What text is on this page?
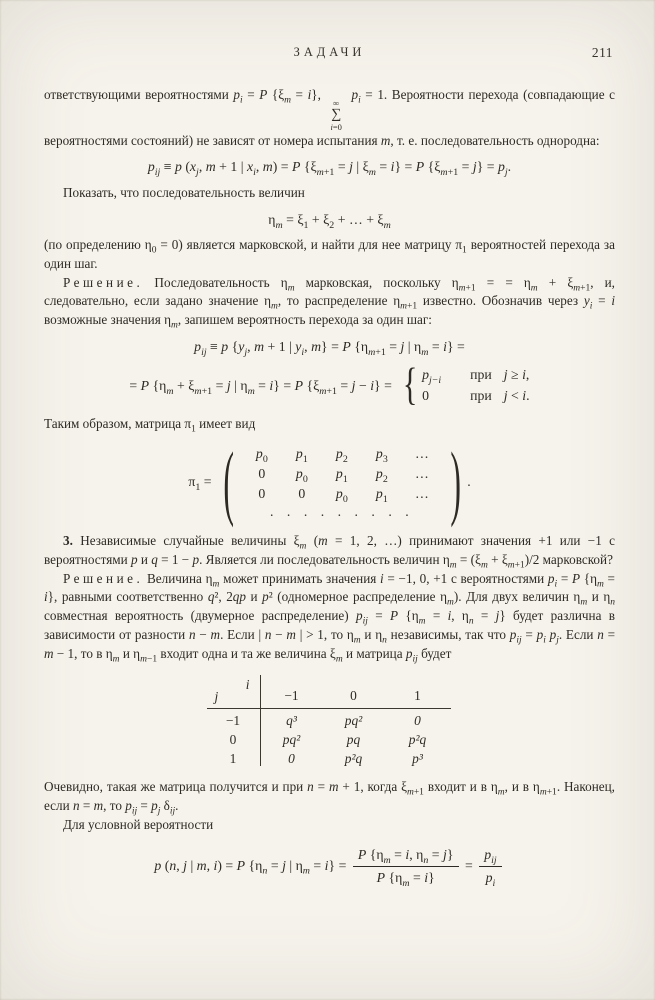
ЗАДАЧИ	211

ответствующими вероятностями $p_i = P$ $\{\xi_m = i\}$,
∞
∑
i=0
$p_i = 1$. Вероятности перехода (совпадающие с вероятностями состояний) не зависят от номера испытания m, т. е. последовательность однородна:

$p_{ij} \equiv p$ ($x_j$, m + 1 | $x_i$, m) = P {$\xi_{m+1} = j$ | $\xi_m = i\} = P$ $\{\xi_{m+1} = j\} = p_j$.

Показать, что последовательность величин

$\eta_m = \xi_1 + \xi_2$ + … + $\xi_m$

(по определению $\eta_0 = 0$) является марковской, и найти для нее матрицу $\pi_1$ вероятностей перехода за один шаг.

Решение. Последовательность $\eta_m$ марковская, поскольку $\eta_{m+1}$ = = $\eta_m + \xi_{m+1}$, и, следовательно, если задано значение $\eta_m$, то распределение $\eta_{m+1}$ известно. Обозначив через $y_i = i$ возможные значения $\eta_m$, запишем вероятность перехода за один шаг:

$p_{ij} \equiv p$ {$y_j$, m + 1 | $y_i$, m} = P {$\eta_{m+1} = j$ | $\eta_m = i$} =
= P {$\eta_m + \xi_{m+1} = j$ | $\eta_m = i\} = P$ $\{\xi_{m+1} = j - i\}$ = { $p_{j-i}$	при j ≥ i,
0	при j < i.

Таким образом, матрица $\pi_1$ имеет вид

$\pi_1$ = (	$p_0$	$p_1$	$p_2$	$p_3$	…
0	$p_0$	$p_1$	$p_2$	…
0	0	$p_0$	$p_1$	…
. . . . . . . . . ) .

3. Независимые случайные величины $\xi_m$ (m = 1, 2, …) принимают значения +1 или −1 с вероятностями p и q = 1 − p. Является ли последовательность величин $\eta_m = (\xi_m + \xi_{m+1})/2$ марковской?

Решение. Величина $\eta_m$ может принимать значения i = −1, 0, +1 с вероятностями $p_i = P$ $\{\eta_m = i\}$, равными соответственно q², 2qp и p² (одномерное распределение $\eta_m$). Для двух величин $\eta_m$ и $\eta_n$ совместная вероятность (двумерное распределение) $p_{ij} = P$ {$\eta_m = i$, $\eta_n = j$} будет различна в зависимости от разности n − m. Если | n − m | > 1, то $\eta_m$ и $\eta_n$ независимы, так что $p_{ij} = p_i$ $p_j$. Если n = m − 1, то в $\eta_m$ и $\eta_{m-1}$ входит одна и та же величина $\xi_m$ и матрица $p_{ij}$ будет

i
j	−1	0	1
−1	q³	pq²	0
0	pq²	pq	p²q
1	0	p²q	p³

Очевидно, такая же матрица получится и при n = m + 1, когда $\xi_{m+1}$ входит и в $\eta_m$, и в $\eta_{m+1}$. Наконец, если n = m, то $p_{ij} = p_j$ $\delta_{ij}$.

Для условной вероятности

p (n, j | m, i) = P {$\eta_n = j$ | $\eta_m = i\} = \frac{P \{\eta_m = i, \eta_n = j\}}{P \{\eta_m = i\}} = \frac{p_{ij}}{p_i}$
